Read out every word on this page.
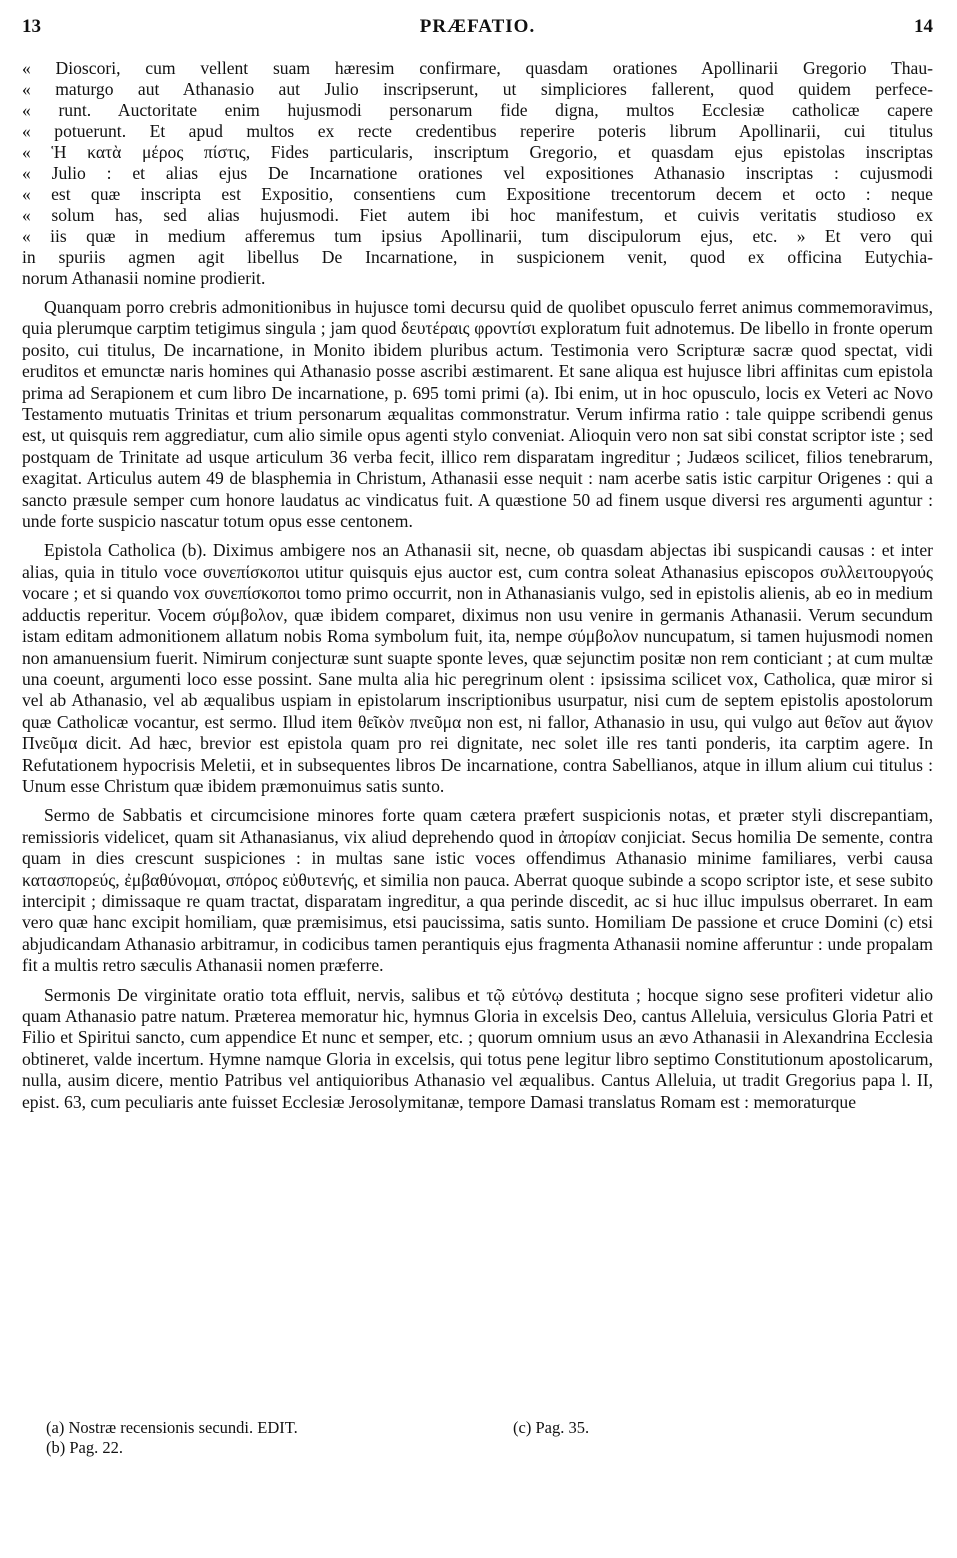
13	PRÆFATIO.	14
« Dioscori, cum vellent suam hæresim confirmare, quasdam orationes Apollinarii Gregorio Thau-
« maturgo aut Athanasio aut Julio inscripserunt, ut simpliciores fallerent, quod quidem perfece-
« runt. Auctoritate enim hujusmodi personarum fide digna, multos Ecclesiæ catholicæ capere
« potuerunt. Et apud multos ex recte credentibus reperire poteris librum Apollinarii, cui titulus
« Ἡ κατὰ μέρος πίστις, Fides particularis, inscriptum Gregorio, et quasdam ejus epistolas inscriptas
« Julio : et alias ejus De Incarnatione orationes vel expositiones Athanasio inscriptas : cujusmodi
« est quæ inscripta est Expositio, consentiens cum Expositione trecentorum decem et octo : neque
« solum has, sed alias hujusmodi. Fiet autem ibi hoc manifestum, et cuivis veritatis studioso ex
« iis quæ in medium afferemus tum ipsius Apollinarii, tum discipulorum ejus, etc. » Et vero qui
in spuriis agmen agit libellus De Incarnatione, in suspicionem venit, quod ex officina Eutychia-
norum Athanasii nomine prodierit.

Quanquam porro crebris admonitionibus in hujusce tomi decursu quid de quolibet opusculo ferret animus commemoravimus, quia plerumque carptim tetigimus singula ; jam quod δευτέραις φροντίσι exploratum fuit adnotemus. De libello in fronte operum posito, cui titulus, De incarnatione, in Monito ibidem pluribus actum. Testimonia vero Scripturæ sacræ quod spectat, vidi eruditos et emunctæ naris homines qui Athanasio posse ascribi æstimarent. Et sane aliqua est hujusce libri affinitas cum epistola prima ad Serapionem et cum libro De incarnatione, p. 695 tomi primi (a). Ibi enim, ut in hoc opusculo, locis ex Veteri ac Novo Testamento mutuatis Trinitas et trium personarum æqualitas commonstratur. Verum infirma ratio : tale quippe scribendi genus est, ut quisquis rem aggrediatur, cum alio simile opus agenti stylo conveniat. Alioquin vero non sat sibi constat scriptor iste ; sed postquam de Trinitate ad usque articulum 36 verba fecit, illico rem disparatam ingreditur ; Judæos scilicet, filios tenebrarum, exagitat. Articulus autem 49 de blasphemia in Christum, Athanasii esse nequit : nam acerbe satis istic carpitur Origenes : qui a sancto præsule semper cum honore laudatus ac vindicatus fuit. A quæstione 50 ad finem usque diversi res argumenti aguntur : unde forte suspicio nascatur totum opus esse centonem.

Epistola Catholica (b). Diximus ambigere nos an Athanasii sit, necne, ob quasdam abjectas ibi suspicandi causas : et inter alias, quia in titulo voce συνεπίσκοποι utitur quisquis ejus auctor est, cum contra soleat Athanasius episcopos συλλειτουργούς vocare ; et si quando vox συνεπίσκοποι tomo primo occurrit, non in Athanasianis vulgo, sed in epistolis alienis, ab eo in medium adductis reperitur. Vocem σύμβολον, quæ ibidem comparet, diximus non usu venire in germanis Athanasii. Verum secundum istam editam admonitionem allatum nobis Roma symbolum fuit, ita, nempe σύμβολον nuncupatum, si tamen hujusmodi nomen non amanuensium fuerit. Nimirum conjecturæ sunt suapte sponte leves, quæ sejunctim positæ non rem conticiant ; at cum multæ una coeunt, argumenti loco esse possint. Sane multa alia hic peregrinum olent : ipsissima scilicet vox, Catholica, quæ miror si vel ab Athanasio, vel ab æqualibus uspiam in epistolarum inscriptionibus usurpatur, nisi cum de septem epistolis apostolorum quæ Catholicæ vocantur, est sermo. Illud item θεῖκὸν πνεῦμα non est, ni fallor, Athanasio in usu, qui vulgo aut θεῖον aut ἅγιον Πνεῦμα dicit. Ad hæc, brevior est epistola quam pro rei dignitate, nec solet ille res tanti ponderis, ita carptim agere. In Refutationem hypocrisis Meletii, et in subsequentes libros De incarnatione, contra Sabellianos, atque in illum alium cui titulus : Unum esse Christum quæ ibidem præmonuimus satis sunto.

Sermo de Sabbatis et circumcisione minores forte quam cætera præfert suspicionis notas, et præter styli discrepantiam, remissioris videlicet, quam sit Athanasianus, vix aliud deprehendo quod in ἀπορίαν conjiciat. Secus homilia De semente, contra quam in dies crescunt suspiciones : in multas sane istic voces offendimus Athanasio minime familiares, verbi causa κατασπορεύς, ἐμβαθύνομαι, σπόρος εὐθυτενής, et similia non pauca. Aberrat quoque subinde a scopo scriptor iste, et sese subito intercipit ; dimissaque re quam tractat, disparatam ingreditur, a qua perinde discedit, ac si huc illuc impulsus oberraret. In eam vero quæ hanc excipit homiliam, quæ præmisimus, etsi paucissima, satis sunto. Homiliam De passione et cruce Domini (c) etsi abjudicandam Athanasio arbitramur, in codicibus tamen perantiquis ejus fragmenta Athanasii nomine afferuntur : unde propalam fit a multis retro sæculis Athanasii nomen præferre.

Sermonis De virginitate oratio tota effluit, nervis, salibus et τῷ εὐτόνῳ destituta ; hocque signo sese profiteri videtur alio quam Athanasio patre natum. Præterea memoratur hic, hymnus Gloria in excelsis Deo, cantus Alleluia, versiculus Gloria Patri et Filio et Spiritui sancto, cum appendice Et nunc et semper, etc. ; quorum omnium usus an ævo Athanasii in Alexandrina Ecclesia obtineret, valde incertum. Hymne namque Gloria in excelsis, qui totus pene legitur libro septimo Constitutionum apostolicarum, nulla, ausim dicere, mentio Patribus vel antiquioribus Athanasio vel æqualibus. Cantus Alleluia, ut tradit Gregorius papa l. II, epist. 63, cum peculiaris ante fuisset Ecclesiæ Jerosolymitanæ, tempore Damasi translatus Romam est : memoraturque

(a) Nostræ recensionis secundi. EDIT.
(b) Pag. 22.
(c) Pag. 35.
